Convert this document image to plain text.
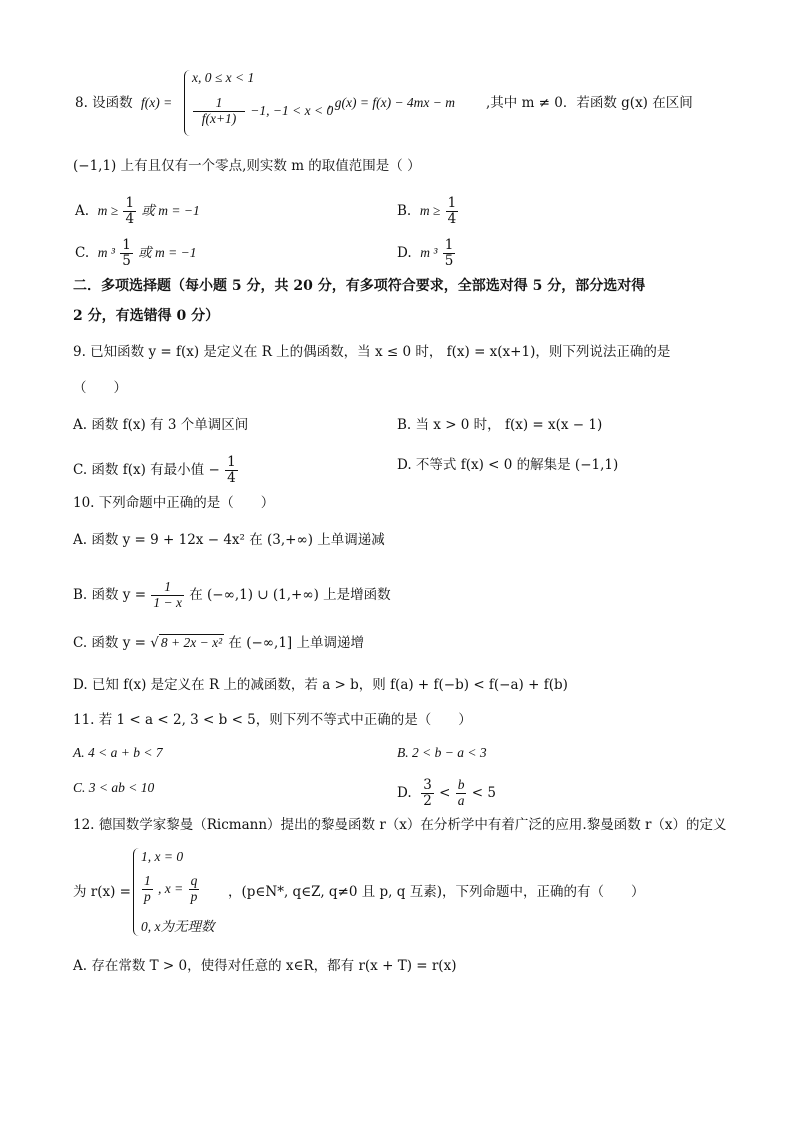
8. 设函数 f(x) =
x, 0 ≤ x < 1
$\frac{1}{f(x+1)} -1$, −1 < x < 0
, g(x) = f(x) − 4mx − m ,其中 m ≠ 0．若函数 g(x) 在区间
(−1,1) 上有且仅有一个零点,则实数 m 的取值范围是（ ）
A. $m \ge \frac{1}{4}$ 或 m = −1	B. $m \ge \frac{1}{4}$
C. m $^3 \frac{1}{5}$ 或 m = −1	D. m $^3 \frac{1}{5}$
二．多项选择题（每小题 5 分，共 20 分，有多项符合要求，全部选对得 5 分，部分选对得
2 分，有选错得 0 分）
9. 已知函数 y = f(x) 是定义在 R 上的偶函数，当 x ≤ 0 时， f(x) = x(x+1)，则下列说法正确的是
（　　）
A. 函数 f(x) 有 3 个单调区间	B. 当 x > 0 时， f(x) = x(x − 1)
C. 函数 f(x) 有最小值 − $\frac{1}{4}$	D. 不等式 f(x) < 0 的解集是 (−1,1)
10. 下列命题中正确的是（　　）
A. 函数 y = 9 + 12x − 4x² 在 (3,+∞) 上单调递减
B. 函数 $y = \frac{1}{1 - x}$ 在 (−∞,1) ∪ (1,+∞) 上是增函数
C. 函数 y = √ 8 + 2x − x² 在 (−∞,1] 上单调递增
D. 已知 f(x) 是定义在 R 上的减函数，若 a > b，则 f(a) + f(−b) < f(−a) + f(b)
11. 若 1 < a < 2, 3 < b < 5，则下列不等式中正确的是（　　）
A. 4 < a + b < 7	B. 2 < b − a < 3
C. 3 < ab < 10	D. $\frac{3}{2} < \frac{b}{a} < 5$
12. 德国数学家黎曼（Ricmann）提出的黎曼函数 r（x）在分析学中有着广泛的应用.黎曼函数 r（x）的定义
为 r(x) =
1, x = 0
$\frac{1}{p}$ , $x = \frac{q}{p}$
0, x为无理数
，(p∈N*, q∈Z, q≠0 且 p, q 互素)，下列命题中，正确的有（　　）
A. 存在常数 T > 0，使得对任意的 x∈R，都有 r(x + T) = r(x)
